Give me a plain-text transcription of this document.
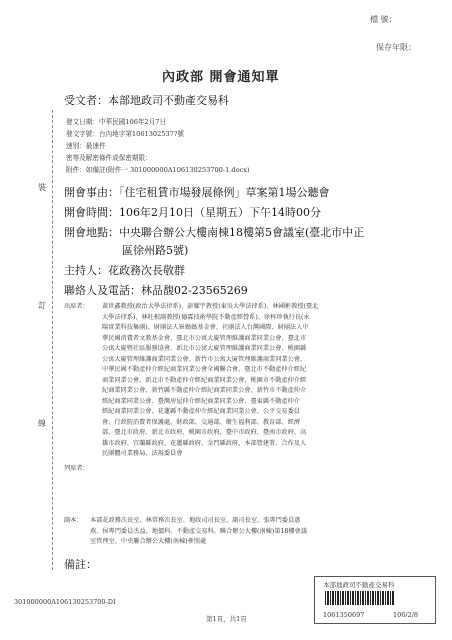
檔 號：
保存年限：
裝
訂
線
內政部 開會通知單
受文者：本部地政司不動產交易科
發文日期：中華民國106年2月7日
發文字號：台內地字第1061302537?號
速別：最速件
密等及解密條件或保密期限：
附件：如備註(附件一 301000000A106130253700-1.docx)
開會事由：「住宅租賃市場發展條例」草案第1場公聽會
開會時間：106年2月10日（星期五）下午14時00分
開會地點：中央聯合辦公大樓南棟18樓第5會議室(臺北市中正
區徐州路5號)
主持人：花政務次長敬群
聯絡人及電話：林品馥02-23565269
出席者： 黃世鑫教授(政治大學法律系)、彭耀宇教授(東吳大學法律系)、林國彬教授(臺北
大學法律系)、林旺根副教授(德霖技術學院不動產經營系)、徐梓珍執行長(永
陽實業科技集團)、財團法人崔媽媽基金會、社團法人台灣國際、財團法人中
華民國消費者文教基金會、臺北市公寓大廈管理維護商業同業公會、臺北市
公寓大廈暨社區服務協會、新北市公寓大廈管理維護商業同業公會、桃園縣
公寓大廈管理維護商業同業公會、新竹市公寓大廈管理維護商業同業公會、
中華民國不動產仲介經紀商業同業公會全國聯合會、臺北市不動產仲介經紀
商業同業公會、新北市不動產仲介經紀商業同業公會、桃園市不動產仲介經
紀商業同業公會、新竹縣不動產仲介經紀商業同業公會、新竹市不動產仲介
經紀商業同業公會、臺灣房屋仲介經紀商業同業公會、臺東縣不動產仲介
經紀商業同業公會、花蓮縣不動產仲介經紀商業同業公會、公平交易委員
會、行政院消費者保護處、財政部、交通部、衛生福利部、教育部、經濟
部、臺北市政府、新北市政府、桃園市政府、臺中市政府、臺南市政府、高
雄市政府、宜蘭縣政府、花蓮縣政府、金門縣政府、本部營建署、合作及人
民團體司業務局、法規委員會
列席者：
副本： 本部花政務次長室、林常務次長室、地政司司長室、副司長室、張專門委員惠
燕、侯專門委員杰益、地價科、不動產交易科、聯合辦公大樓(南棟)第18樓會議
室管理室、中央聯合辦公大樓(南棟)參照處
備註：
本部地政司不動產交易科
1061350697	106/2/8
301000000A106130253700-DI
第1頁，共1頁
